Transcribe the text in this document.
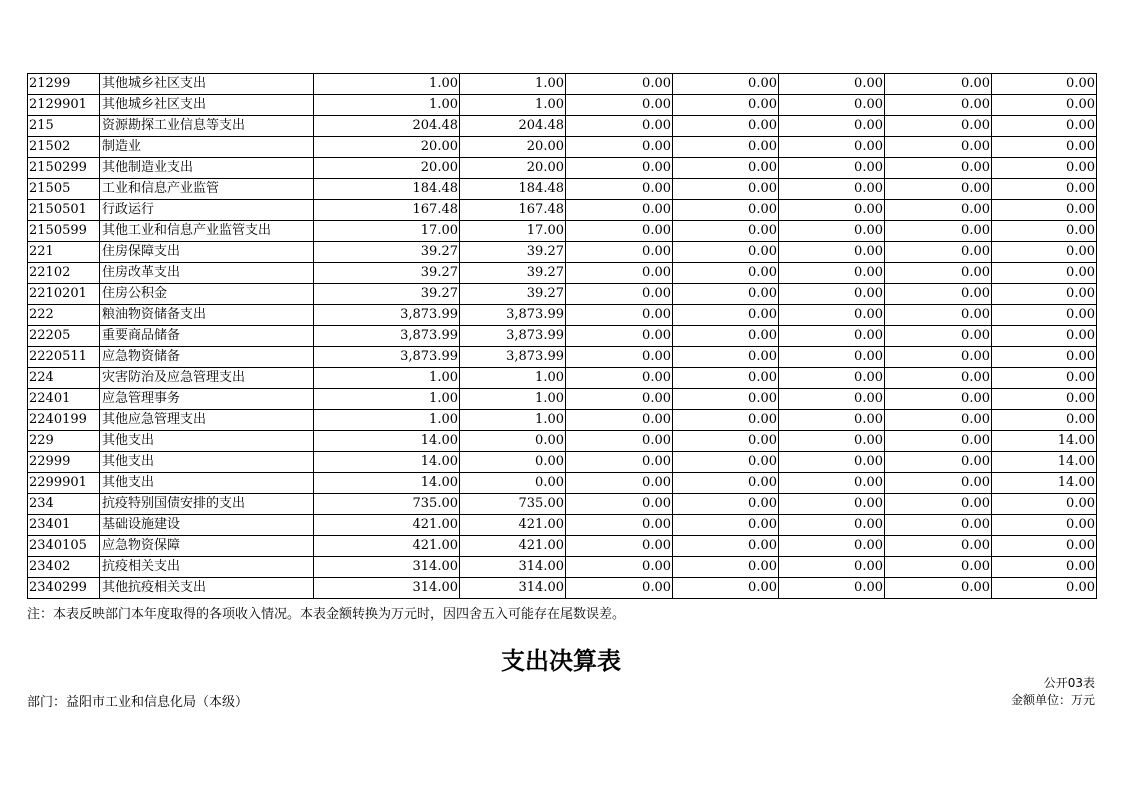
21299	其他城乡社区支出	1.00	1.00	0.00	0.00	0.00	0.00	0.00
2129901	其他城乡社区支出	1.00	1.00	0.00	0.00	0.00	0.00	0.00
215	资源勘探工业信息等支出	204.48	204.48	0.00	0.00	0.00	0.00	0.00
21502	制造业	20.00	20.00	0.00	0.00	0.00	0.00	0.00
2150299	其他制造业支出	20.00	20.00	0.00	0.00	0.00	0.00	0.00
21505	工业和信息产业监管	184.48	184.48	0.00	0.00	0.00	0.00	0.00
2150501	行政运行	167.48	167.48	0.00	0.00	0.00	0.00	0.00
2150599	其他工业和信息产业监管支出	17.00	17.00	0.00	0.00	0.00	0.00	0.00
221	住房保障支出	39.27	39.27	0.00	0.00	0.00	0.00	0.00
22102	住房改革支出	39.27	39.27	0.00	0.00	0.00	0.00	0.00
2210201	住房公积金	39.27	39.27	0.00	0.00	0.00	0.00	0.00
222	粮油物资储备支出	3,873.99	3,873.99	0.00	0.00	0.00	0.00	0.00
22205	重要商品储备	3,873.99	3,873.99	0.00	0.00	0.00	0.00	0.00
2220511	应急物资储备	3,873.99	3,873.99	0.00	0.00	0.00	0.00	0.00
224	灾害防治及应急管理支出	1.00	1.00	0.00	0.00	0.00	0.00	0.00
22401	应急管理事务	1.00	1.00	0.00	0.00	0.00	0.00	0.00
2240199	其他应急管理支出	1.00	1.00	0.00	0.00	0.00	0.00	0.00
229	其他支出	14.00	0.00	0.00	0.00	0.00	0.00	14.00
22999	其他支出	14.00	0.00	0.00	0.00	0.00	0.00	14.00
2299901	其他支出	14.00	0.00	0.00	0.00	0.00	0.00	14.00
234	抗疫特别国债安排的支出	735.00	735.00	0.00	0.00	0.00	0.00	0.00
23401	基础设施建设	421.00	421.00	0.00	0.00	0.00	0.00	0.00
2340105	应急物资保障	421.00	421.00	0.00	0.00	0.00	0.00	0.00
23402	抗疫相关支出	314.00	314.00	0.00	0.00	0.00	0.00	0.00
2340299	其他抗疫相关支出	314.00	314.00	0.00	0.00	0.00	0.00	0.00
注：本表反映部门本年度取得的各项收入情况。本表金额转换为万元时，因四舍五入可能存在尾数误差。
支出决算表
公开03表
部门：益阳市工业和信息化局（本级）	金额单位：万元
